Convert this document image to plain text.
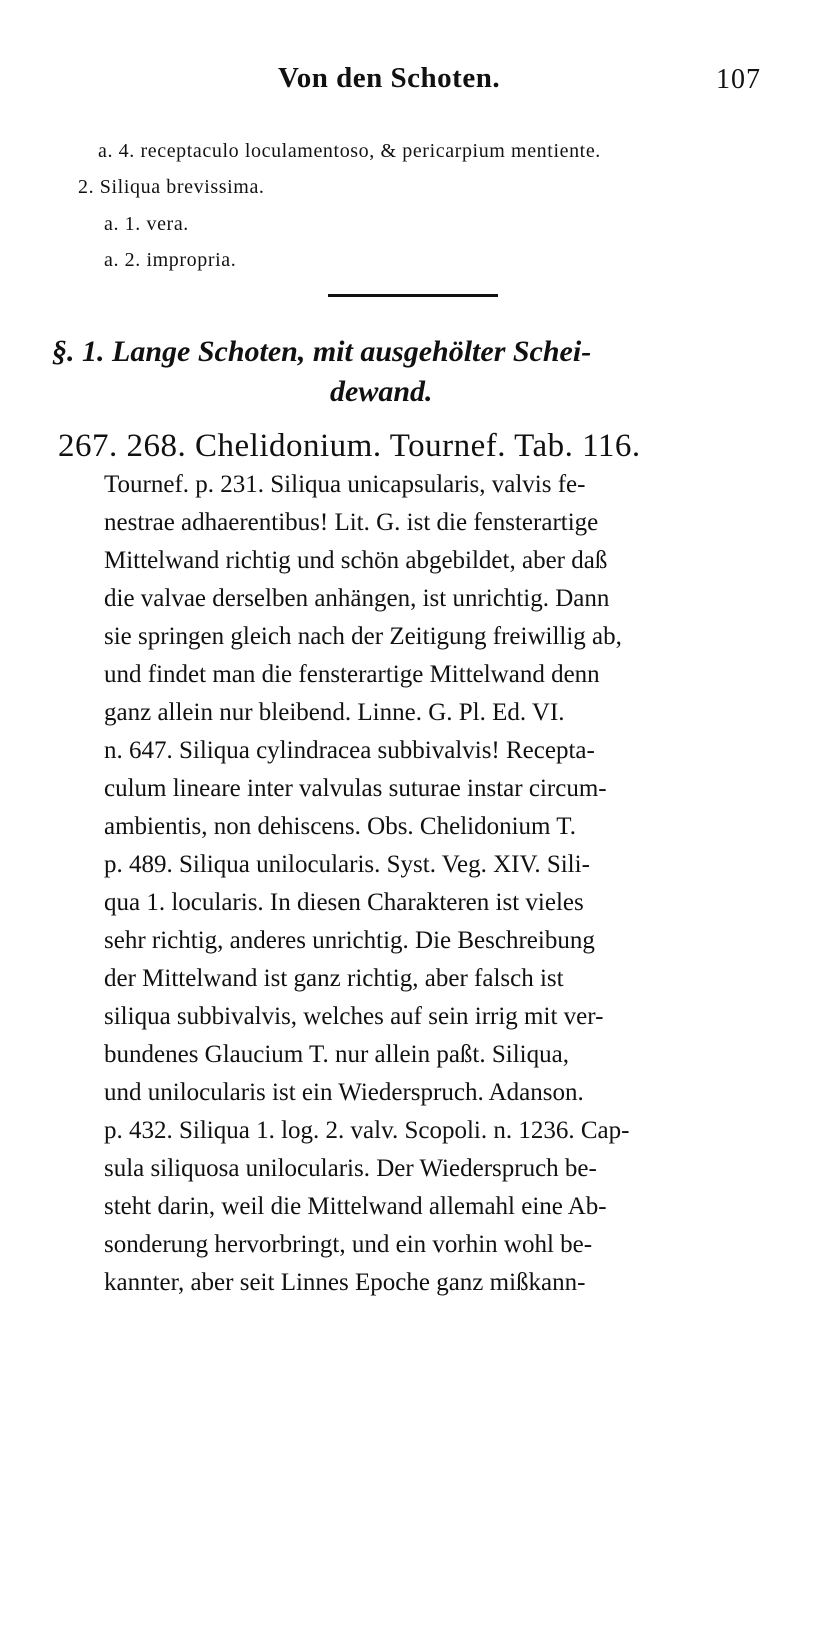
Von den Schoten.	107
a. 4. receptaculo loculamentoso, & pericarpium mentiente.
2. Siliqua brevissima.
a. 1. vera.
a. 2. impropria.
§. 1. Lange Schoten, mit ausgehölter Schei-
dewand.
267. 268. Chelidonium. Tournef. Tab. 116.
Tournef. p. 231. Siliqua unicapsularis, valvis fe-
nestrae adhaerentibus! Lit. G. ist die fensterartige
Mittelwand richtig und schön abgebildet, aber daß
die valvae derselben anhängen, ist unrichtig. Dann
sie springen gleich nach der Zeitigung freiwillig ab,
und findet man die fensterartige Mittelwand denn
ganz allein nur bleibend. Linne. G. Pl. Ed. VI.
n. 647. Siliqua cylindracea subbivalvis! Recepta-
culum lineare inter valvulas suturae instar circum-
ambientis, non dehiscens. Obs. Chelidonium T.
p. 489. Siliqua unilocularis. Syst. Veg. XIV. Sili-
qua 1. locularis. In diesen Charakteren ist vieles
sehr richtig, anderes unrichtig. Die Beschreibung
der Mittelwand ist ganz richtig, aber falsch ist
siliqua subbivalvis, welches auf sein irrig mit ver-
bundenes Glaucium T. nur allein paßt. Siliqua,
und unilocularis ist ein Wiederspruch. Adanson.
p. 432. Siliqua 1. log. 2. valv. Scopoli. n. 1236. Cap-
sula siliquosa unilocularis. Der Wiederspruch be-
steht darin, weil die Mittelwand allemahl eine Ab-
sonderung hervorbringt, und ein vorhin wohl be-
kannter, aber seit Linnes Epoche ganz mißkann-
